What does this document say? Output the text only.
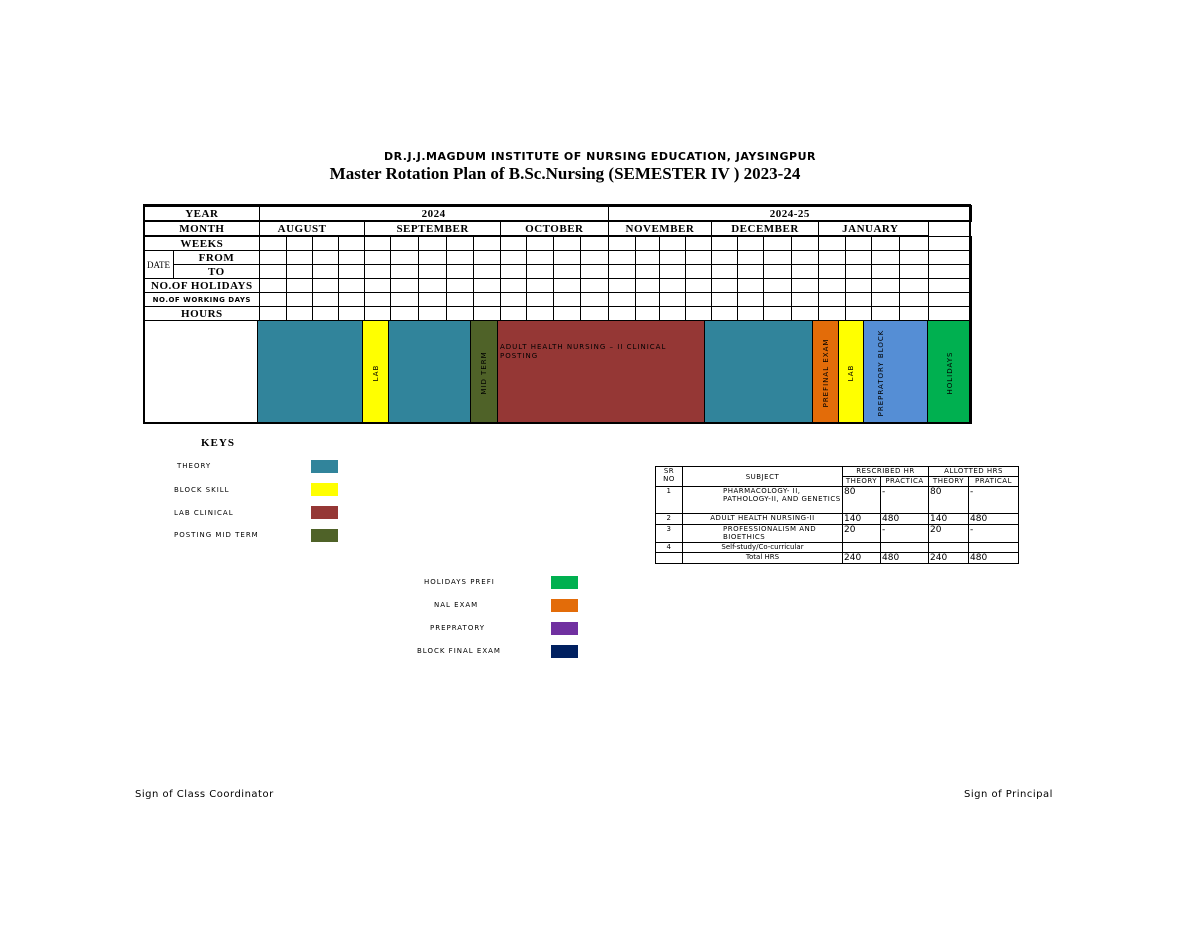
DR.J.J.MAGDUM INSTITUTE OF NURSING EDUCATION, JAYSINGPUR
Master Rotation Plan of B.Sc.Nursing (SEMESTER IV ) 2023-24
YEAR		2024													2024-25												
MONTH		AUGUST				SEPTEMBER					OCTOBER				NOVEMBER				DECEMBER				JANUARY				
WEEKS																											
DATE	FROM																										
	TO																										
NO.OF HOLIDAYS																											
NO.OF WORKING DAYS																											
HOURS																											
LAB	MID TERM
ADULT HEALTH NURSING – II CLINICAL POSTING	PREFINAL EXAM	LAB	PREPRATORY BLOCK	HOLIDAYS
KEYS
THEORY
BLOCK SKILL
LAB CLINICAL
POSTING MID TERM
HOLIDAYS PREFI
NAL EXAM
PREPRATORY
BLOCK FINAL EXAM
SR NO	SUBJECT	RESCRIBED HR		ALLOTTED HRS	
		THEORY	PRACTICA	THEORY	PRATICAL
1	PHARMACOLOGY- II, PATHOLOGY-II, AND GENETICS	80	-	80	-
2	ADULT HEALTH NURSING-II	140	480	140	480
3	PROFESSIONALISM AND BIOETHICS	20	-	20	-
4	Self-study/Co-curricular				
	Total HRS	240	480	240	480
Sign of Class Coordinator	Sign of Principal
